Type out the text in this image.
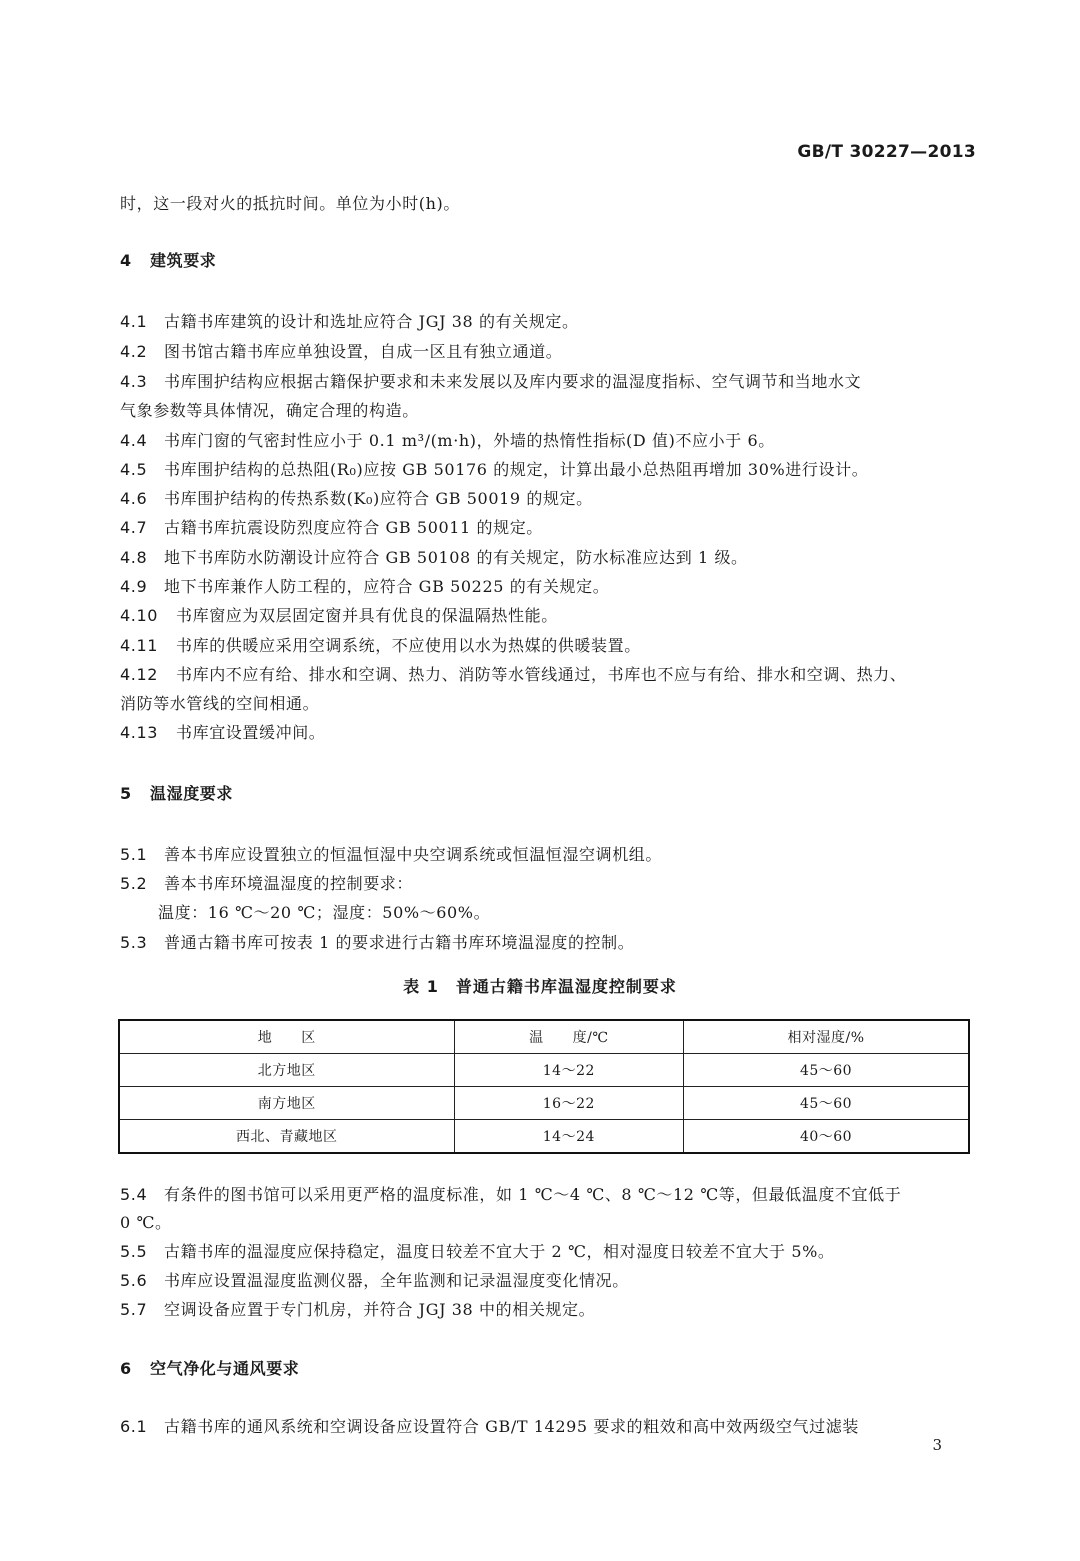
GB/T 30227—2013
时，这一段对火的抵抗时间。单位为小时(h)。
4 建筑要求
4.1 古籍书库建筑的设计和选址应符合 JGJ 38 的有关规定。
4.2 图书馆古籍书库应单独设置，自成一区且有独立通道。
4.3 书库围护结构应根据古籍保护要求和未来发展以及库内要求的温湿度指标、空气调节和当地水文
气象参数等具体情况，确定合理的构造。
4.4 书库门窗的气密封性应小于 0.1 m³/(m·h)，外墙的热惰性指标(D 值)不应小于 6。
4.5 书库围护结构的总热阻(R₀)应按 GB 50176 的规定，计算出最小总热阻再增加 30%进行设计。
4.6 书库围护结构的传热系数(K₀)应符合 GB 50019 的规定。
4.7 古籍书库抗震设防烈度应符合 GB 50011 的规定。
4.8 地下书库防水防潮设计应符合 GB 50108 的有关规定，防水标准应达到 1 级。
4.9 地下书库兼作人防工程的，应符合 GB 50225 的有关规定。
4.10 书库窗应为双层固定窗并具有优良的保温隔热性能。
4.11 书库的供暖应采用空调系统，不应使用以水为热媒的供暖装置。
4.12 书库内不应有给、排水和空调、热力、消防等水管线通过，书库也不应与有给、排水和空调、热力、
消防等水管线的空间相通。
4.13 书库宜设置缓冲间。
5 温湿度要求
5.1 善本书库应设置独立的恒温恒湿中央空调系统或恒温恒湿空调机组。
5.2 善本书库环境温湿度的控制要求：
温度：16 ℃～20 ℃；湿度：50%～60%。
5.3 普通古籍书库可按表 1 的要求进行古籍书库环境温湿度的控制。
表 1　普通古籍书库温湿度控制要求
地　　区	温　　度/℃	相对湿度/%
北方地区	14～22	45～60
南方地区	16～22	45～60
西北、青藏地区	14～24	40～60
5.4 有条件的图书馆可以采用更严格的温度标准，如 1 ℃～4 ℃、8 ℃～12 ℃等，但最低温度不宜低于
0 ℃。
5.5 古籍书库的温湿度应保持稳定，温度日较差不宜大于 2 ℃，相对湿度日较差不宜大于 5%。
5.6 书库应设置温湿度监测仪器，全年监测和记录温湿度变化情况。
5.7 空调设备应置于专门机房，并符合 JGJ 38 中的相关规定。
6 空气净化与通风要求
6.1 古籍书库的通风系统和空调设备应设置符合 GB/T 14295 要求的粗效和高中效两级空气过滤装
3
